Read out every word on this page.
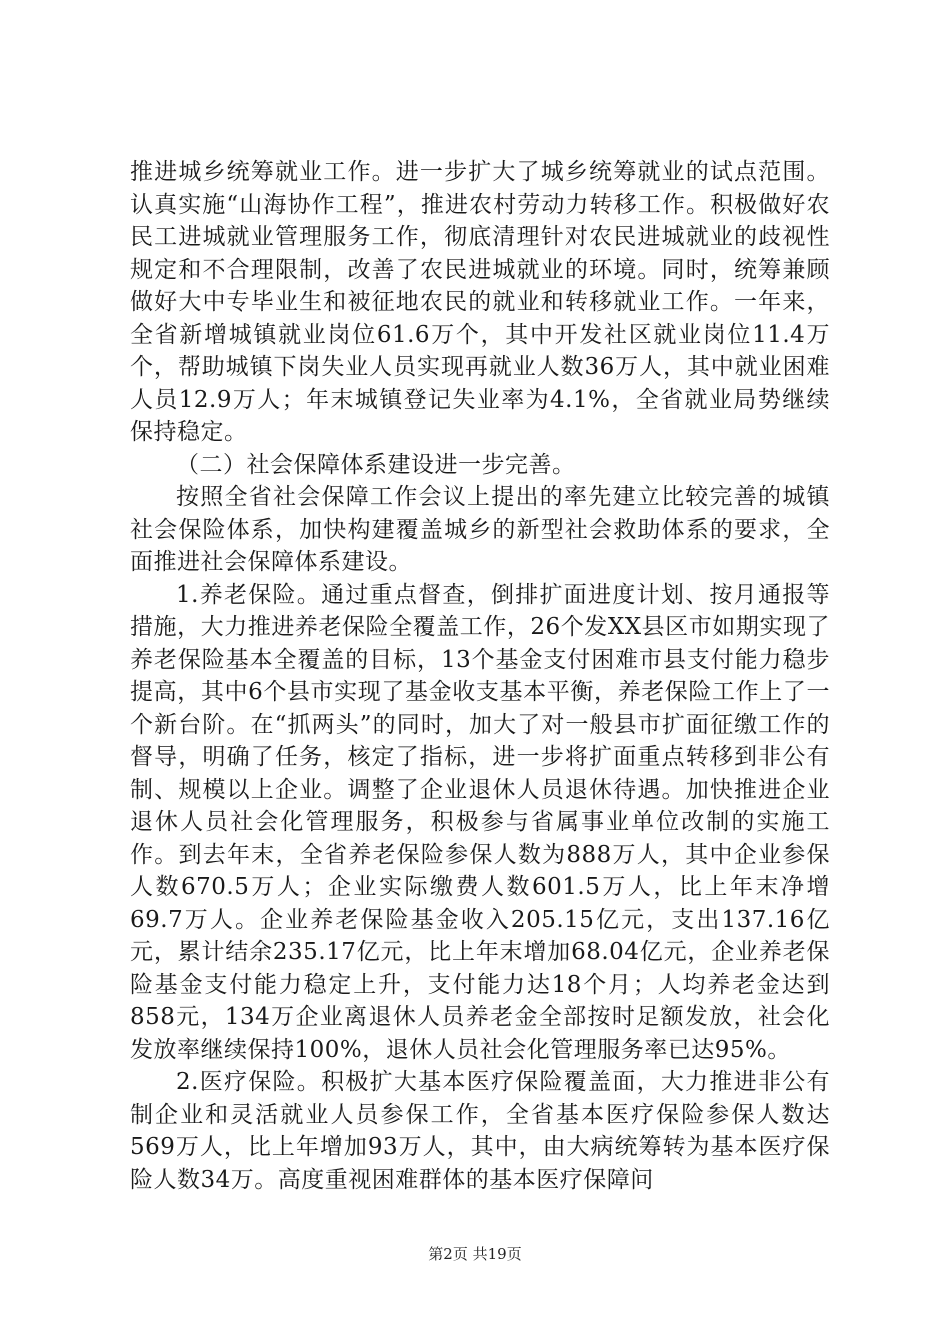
推进城乡统筹就业工作。进一步扩大了城乡统筹就业的试点范围。认真实施“山海协作工程”，推进农村劳动力转移工作。积极做好农民工进城就业管理服务工作，彻底清理针对农民进城就业的歧视性规定和不合理限制，改善了农民进城就业的环境。同时，统筹兼顾做好大中专毕业生和被征地农民的就业和转移就业工作。一年来，全省新增城镇就业岗位61.6万个，其中开发社区就业岗位11.4万个，帮助城镇下岗失业人员实现再就业人数36万人，其中就业困难人员12.9万人；年末城镇登记失业率为4.1%，全省就业局势继续保持稳定。

（二）社会保障体系建设进一步完善。

按照全省社会保障工作会议上提出的率先建立比较完善的城镇社会保险体系，加快构建覆盖城乡的新型社会救助体系的要求，全面推进社会保障体系建设。

1.养老保险。通过重点督查，倒排扩面进度计划、按月通报等措施，大力推进养老保险全覆盖工作，26个发XX县区市如期实现了养老保险基本全覆盖的目标，13个基金支付困难市县支付能力稳步提高，其中6个县市实现了基金收支基本平衡，养老保险工作上了一个新台阶。在“抓两头”的同时，加大了对一般县市扩面征缴工作的督导，明确了任务，核定了指标，进一步将扩面重点转移到非公有制、规模以上企业。调整了企业退休人员退休待遇。加快推进企业退休人员社会化管理服务，积极参与省属事业单位改制的实施工作。到去年末，全省养老保险参保人数为888万人，其中企业参保人数670.5万人；企业实际缴费人数601.5万人，比上年末净增69.7万人。企业养老保险基金收入205.15亿元，支出137.16亿元，累计结余235.17亿元，比上年末增加68.04亿元，企业养老保险基金支付能力稳定上升，支付能力达18个月；人均养老金达到858元，134万企业离退休人员养老金全部按时足额发放，社会化发放率继续保持100%，退休人员社会化管理服务率已达95%。

2.医疗保险。积极扩大基本医疗保险覆盖面，大力推进非公有制企业和灵活就业人员参保工作，全省基本医疗保险参保人数达569万人，比上年增加93万人，其中，由大病统筹转为基本医疗保险人数34万。高度重视困难群体的基本医疗保障问

第2页 共19页
